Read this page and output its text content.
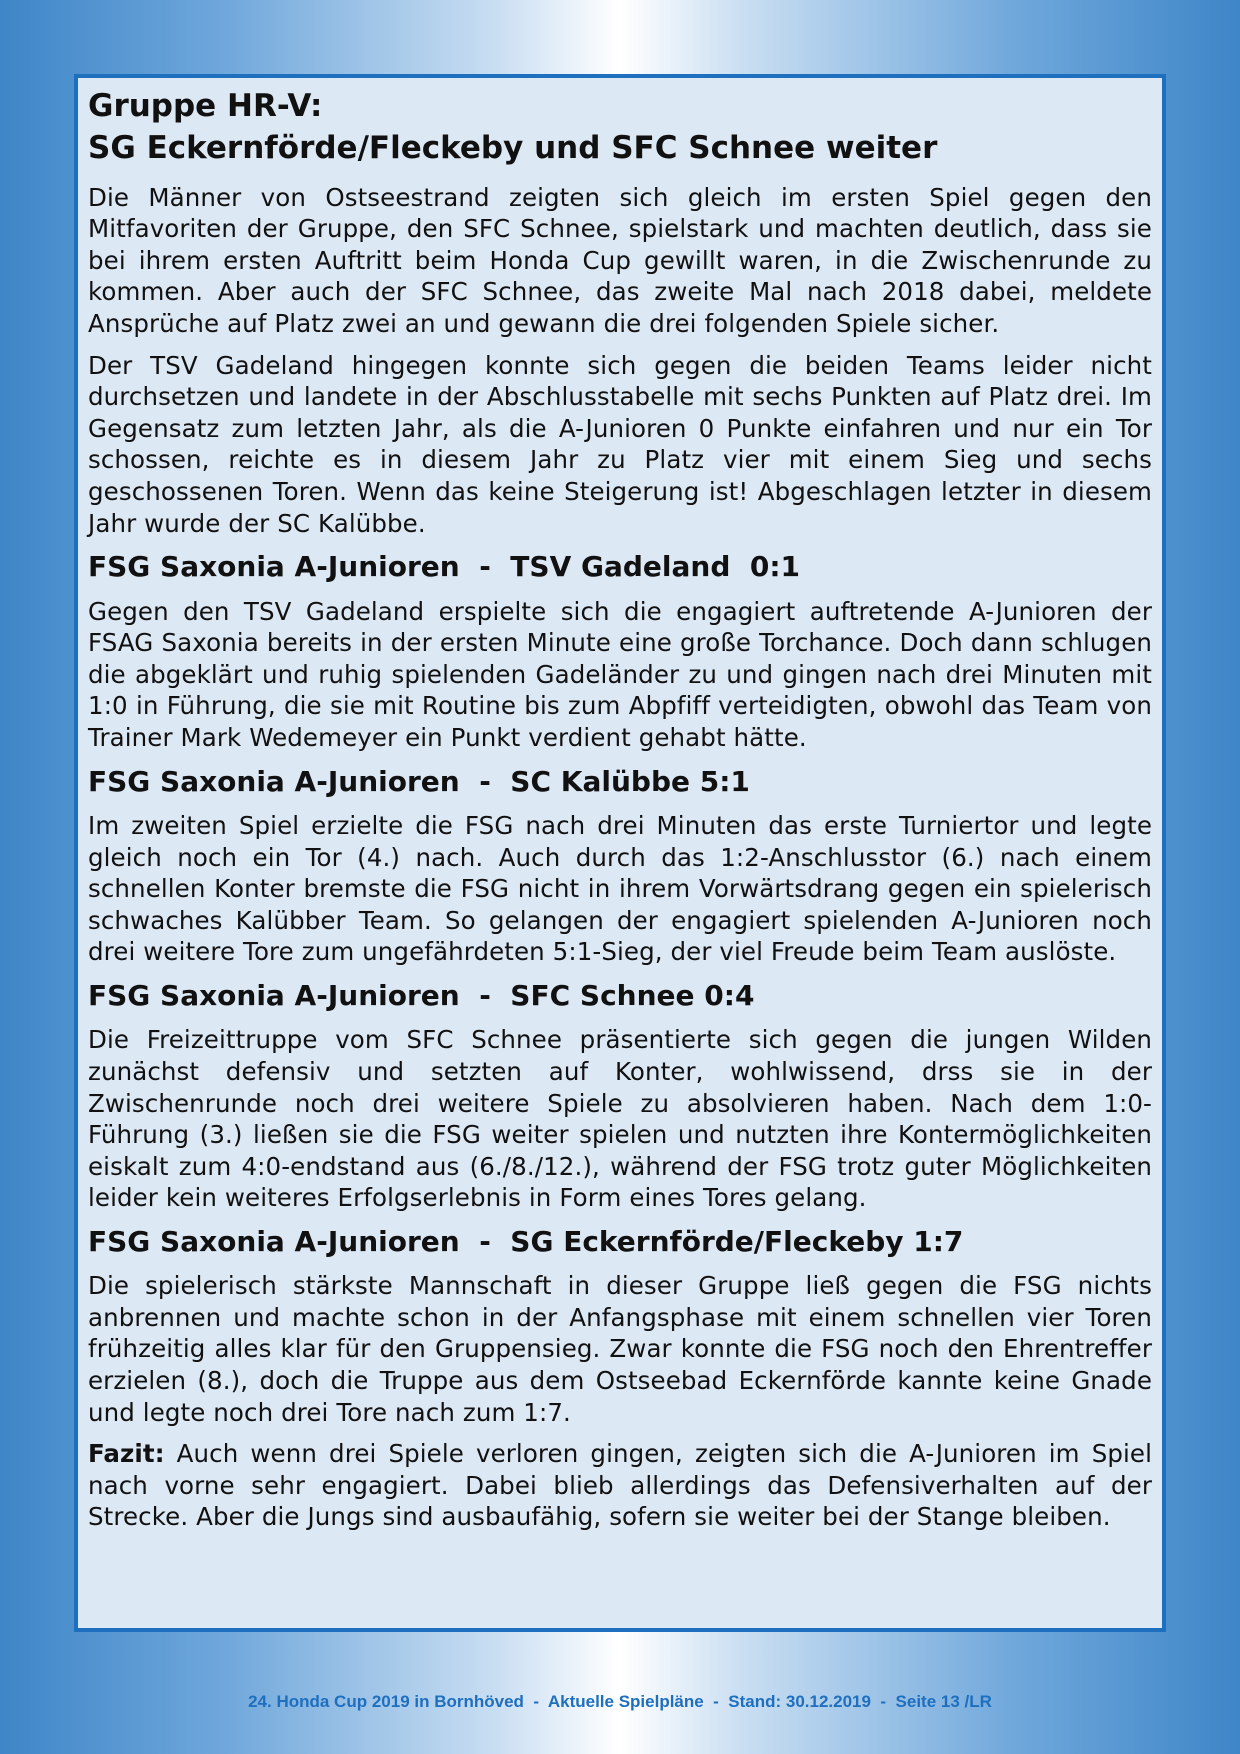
Gruppe HR-V:
SG Eckernförde/Fleckeby und SFC Schnee weiter

Die Männer von Ostseestrand zeigten sich gleich im ersten Spiel gegen den Mitfavoriten der Gruppe, den SFC Schnee, spielstark und machten deutlich, dass sie bei ihrem ersten Auftritt beim Honda Cup gewillt waren, in die Zwischenrunde zu kommen. Aber auch der SFC Schnee, das zweite Mal nach 2018 dabei, meldete Ansprüche auf Platz zwei an und gewann die drei folgenden Spiele sicher.

Der TSV Gadeland hingegen konnte sich gegen die beiden Teams leider nicht durchsetzen und landete in der Abschlusstabelle mit sechs Punkten auf Platz drei. Im Gegensatz zum letzten Jahr, als die A-Junioren 0 Punkte einfahren und nur ein Tor schossen, reichte es in diesem Jahr zu Platz vier mit einem Sieg und sechs geschossenen Toren. Wenn das keine Steigerung ist! Abgeschlagen letzter in diesem Jahr wurde der SC Kalübbe.

FSG Saxonia A-Junioren  -  TSV Gadeland  0:1

Gegen den TSV Gadeland erspielte sich die engagiert auftretende A-Junioren der FSAG Saxonia bereits in der ersten Minute eine große Torchance. Doch dann schlugen die abgeklärt und ruhig spielenden Gadeländer zu und gingen nach drei Minuten mit 1:0 in Führung, die sie mit Routine bis zum Abpfiff verteidigten, obwohl das Team von Trainer Mark Wedemeyer ein Punkt verdient gehabt hätte.

FSG Saxonia A-Junioren  -  SC Kalübbe 5:1

Im zweiten Spiel erzielte die FSG nach drei Minuten das erste Turniertor und legte gleich noch ein Tor (4.) nach. Auch durch das 1:2-Anschlusstor (6.) nach einem schnellen Konter bremste die FSG nicht in ihrem Vorwärtsdrang gegen ein spielerisch schwaches Kalübber Team. So gelangen der engagiert spielenden A-Junioren noch drei weitere Tore zum ungefährdeten 5:1-Sieg, der viel Freude beim Team auslöste.

FSG Saxonia A-Junioren  -  SFC Schnee 0:4

Die Freizeittruppe vom SFC Schnee präsentierte sich gegen die jungen Wilden zunächst defensiv und setzten auf Konter, wohlwissend, drss sie in der Zwischenrunde noch drei weitere Spiele zu absolvieren haben. Nach dem 1:0-Führung (3.) ließen sie die FSG weiter spielen und nutzten ihre Kontermöglichkeiten eiskalt zum 4:0-endstand aus (6./8./12.), während der FSG trotz guter Möglichkeiten leider kein weiteres Erfolgserlebnis in Form eines Tores gelang.

FSG Saxonia A-Junioren  -  SG Eckernförde/Fleckeby 1:7

Die spielerisch stärkste Mannschaft in dieser Gruppe ließ gegen die FSG nichts anbrennen und machte schon in der Anfangsphase mit einem schnellen vier Toren frühzeitig alles klar für den Gruppensieg. Zwar konnte die FSG noch den Ehrentreffer erzielen (8.), doch die Truppe aus dem Ostseebad Eckernförde kannte keine Gnade und legte noch drei Tore nach zum 1:7.

Fazit: Auch wenn drei Spiele verloren gingen, zeigten sich die A-Junioren im Spiel nach vorne sehr engagiert. Dabei blieb allerdings das Defensiverhalten auf der Strecke. Aber die Jungs sind ausbaufähig, sofern sie weiter bei der Stange bleiben.

24. Honda Cup 2019 in Bornhöved  -  Aktuelle Spielpläne  -  Stand: 30.12.2019  -  Seite 13 /LR
